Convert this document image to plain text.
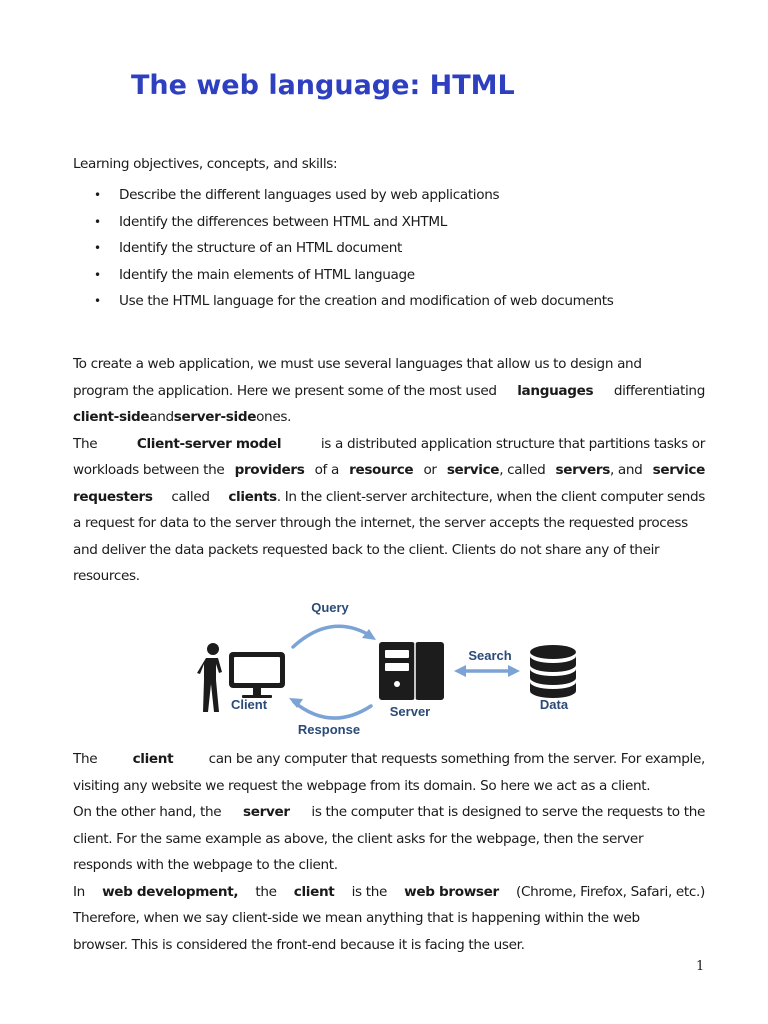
The web language: HTML
Learning objectives, concepts, and skills:
• Describe the different languages used by web applications
• Identify the differences between HTML and XHTML
• Identify the structure of an HTML document
• Identify the main elements of HTML language
• Use the HTML language for the creation and modification of web documents
To create a web application, we must use several languages that allow us to design and
program the application. Here we present some of the most used languages differentiating
client-side and server-side ones.
The	Client-server model	is a distributed application structure that partitions tasks or
workloads between the providers of a resource or service, called servers, and service
requesters called clients. In the client-server architecture, when the client computer sends
a request for data to the server through the internet, the server accepts the requested process
and deliver the data packets requested back to the client. Clients do not share any of their
resources.
Query
Response
Client	Server
Search
Data
The	client	can be any computer that requests something from the server. For example,
visiting any website we request the webpage from its domain. So here we act as a client.
On the other hand, the server is the computer that is designed to serve the requests to the
client. For the same example as above, the client asks for the webpage, then the server
responds with the webpage to the client.
In web development, the client is the web browser (Chrome, Firefox, Safari, etc.)
Therefore, when we say client-side we mean anything that is happening within the web
browser. This is considered the front-end because it is facing the user.
1
